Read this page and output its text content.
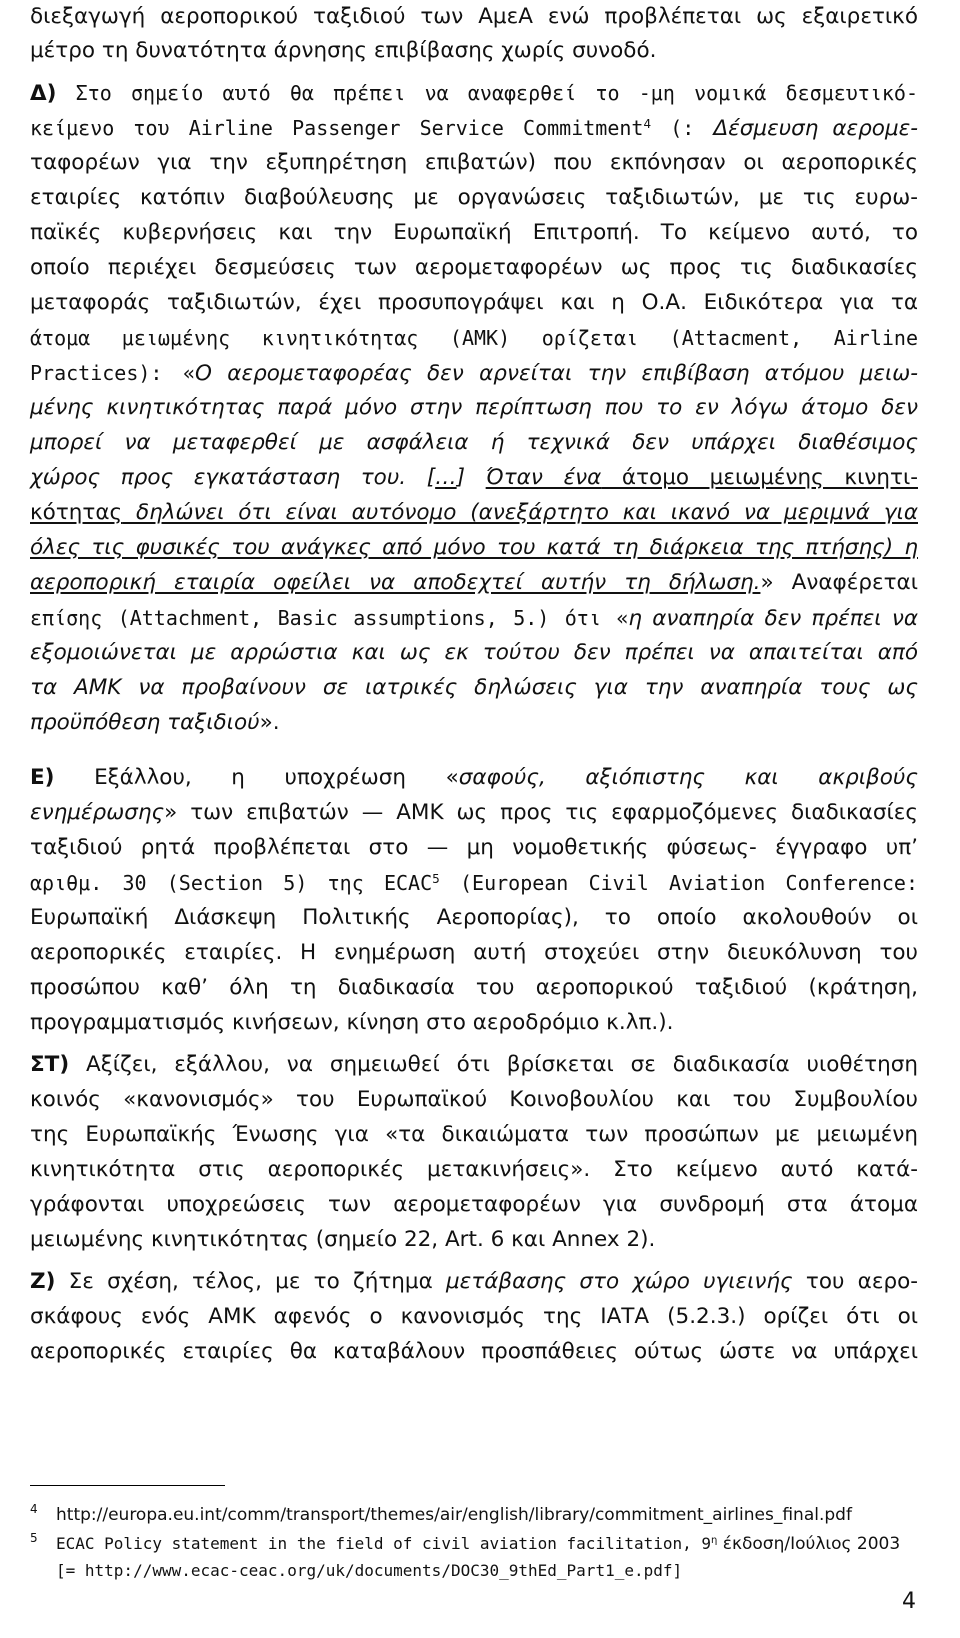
διεξαγωγή αεροπορικού ταξιδιού των ΑμεΑ ενώ προβλέπεται ως εξαιρετικό
μέτρο τη δυνατότητα άρνησης επιβίβασης χωρίς συνοδό.
Δ) Στο σημείο αυτό θα πρέπει να αναφερθεί το -μη νομικά δεσμευτικό-
κείμενο του Airline Passenger Service Commitment$^4$ (: Δέσμευση αερομε-
ταφορέων για την εξυπηρέτηση επιβατών) που εκπόνησαν οι αεροπορικές
εταιρίες κατόπιν διαβούλευσης με οργανώσεις ταξιδιωτών, με τις ευρω-
παϊκές κυβερνήσεις και την Ευρωπαϊκή Επιτροπή. Το κείμενο αυτό, το
οποίο περιέχει δεσμεύσεις των αερομεταφορέων ως προς τις διαδικασίες
μεταφοράς ταξιδιωτών, έχει προσυπογράψει και η Ο.Α. Ειδικότερα για τα
άτομα μειωμένης κινητικότητας (ΑΜΚ) ορίζεται (Attacment, Airline
Practices): «Ο αερομεταφορέας δεν αρνείται την επιβίβαση ατόμου μειω-
μένης κινητικότητας παρά μόνο στην περίπτωση που το εν λόγω άτομο δεν
μπορεί να μεταφερθεί με ασφάλεια ή τεχνικά δεν υπάρχει διαθέσιμος
χώρος προς εγκατάσταση του. […] Όταν ένα άτομο μειωμένης κινητι-
κότητας δηλώνει ότι είναι αυτόνομο (ανεξάρτητο και ικανό να μεριμνά για
όλες τις φυσικές του ανάγκες από μόνο του κατά τη διάρκεια της πτήσης) η
αεροπορική εταιρία οφείλει να αποδεχτεί αυτήν τη δήλωση.» Αναφέρεται
επίσης (Attachment, Basic assumptions, 5.) ότι «η αναπηρία δεν πρέπει να
εξομοιώνεται με αρρώστια και ως εκ τούτου δεν πρέπει να απαιτείται από
τα ΑΜΚ να προβαίνουν σε ιατρικές δηλώσεις για την αναπηρία τους ως
προϋπόθεση ταξιδιού».
Ε) Εξάλλου, η υποχρέωση «σαφούς, αξιόπιστης και ακριβούς
ενημέρωσης» των επιβατών — ΑΜΚ ως προς τις εφαρμοζόμενες διαδικασίες
ταξιδιού ρητά προβλέπεται στο — μη νομοθετικής φύσεως- έγγραφο υπ’
αριθμ. 30 (Section 5) της ECAC$^5$ (European Civil Aviation Conference:
Ευρωπαϊκή Διάσκεψη Πολιτικής Αεροπορίας), το οποίο ακολουθούν οι
αεροπορικές εταιρίες. Η ενημέρωση αυτή στοχεύει στην διευκόλυνση του
προσώπου καθ’ όλη τη διαδικασία του αεροπορικού ταξιδιού (κράτηση,
προγραμματισμός κινήσεων, κίνηση στο αεροδρόμιο κ.λπ.).
ΣΤ) Αξίζει, εξάλλου, να σημειωθεί ότι βρίσκεται σε διαδικασία υιοθέτηση
κοινός «κανονισμός» του Ευρωπαϊκού Κοινοβουλίου και του Συμβουλίου
της Ευρωπαϊκής Ένωσης για «τα δικαιώματα των προσώπων με μειωμένη
κινητικότητα στις αεροπορικές μετακινήσεις». Στο κείμενο αυτό κατά-
γράφονται υποχρεώσεις των αερομεταφορέων για συνδρομή στα άτομα
μειωμένης κινητικότητας (σημείο 22, Art. 6 και Annex 2).
Ζ) Σε σχέση, τέλος, με το ζήτημα μετάβασης στο χώρο υγιεινής του αερο-
σκάφους ενός ΑΜΚ αφενός ο κανονισμός της ΙΑΤΑ (5.2.3.) ορίζει ότι οι
αεροπορικές εταιρίες θα καταβάλουν προσπάθειες ούτως ώστε να υπάρχει
4 http://europa.eu.int/comm/transport/themes/air/english/library/commitment_airlines_final.pdf
5 ECAC Policy statement in the field of civil aviation facilitation, $9^\eta$ έκδοση/Ιούλιος 2003
[= http://www.ecac-ceac.org/uk/documents/DOC30_9thEd_Part1_e.pdf]
4
